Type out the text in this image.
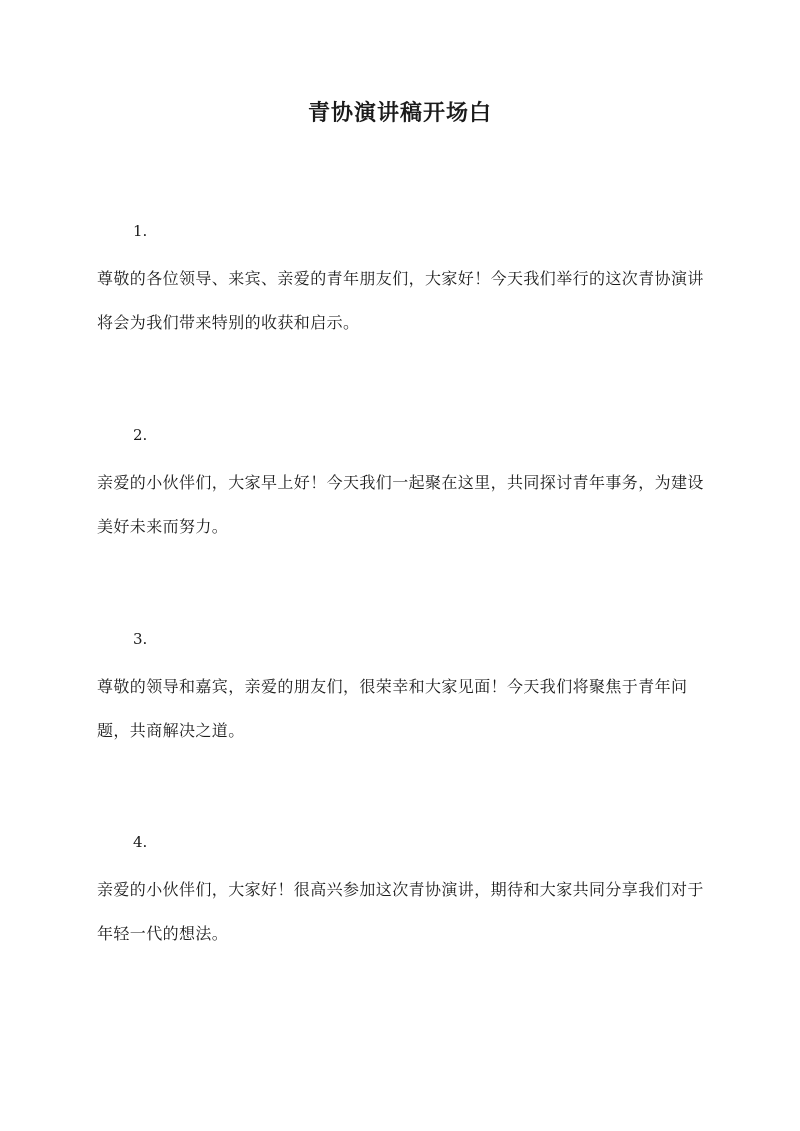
青协演讲稿开场白
1.
尊敬的各位领导、来宾、亲爱的青年朋友们，大家好！今天我们举行的这次青协演讲将会为我们带来特别的收获和启示。
2.
亲爱的小伙伴们，大家早上好！今天我们一起聚在这里，共同探讨青年事务，为建设美好未来而努力。
3.
尊敬的领导和嘉宾，亲爱的朋友们，很荣幸和大家见面！今天我们将聚焦于青年问题，共商解决之道。
4.
亲爱的小伙伴们，大家好！很高兴参加这次青协演讲，期待和大家共同分享我们对于年轻一代的想法。
